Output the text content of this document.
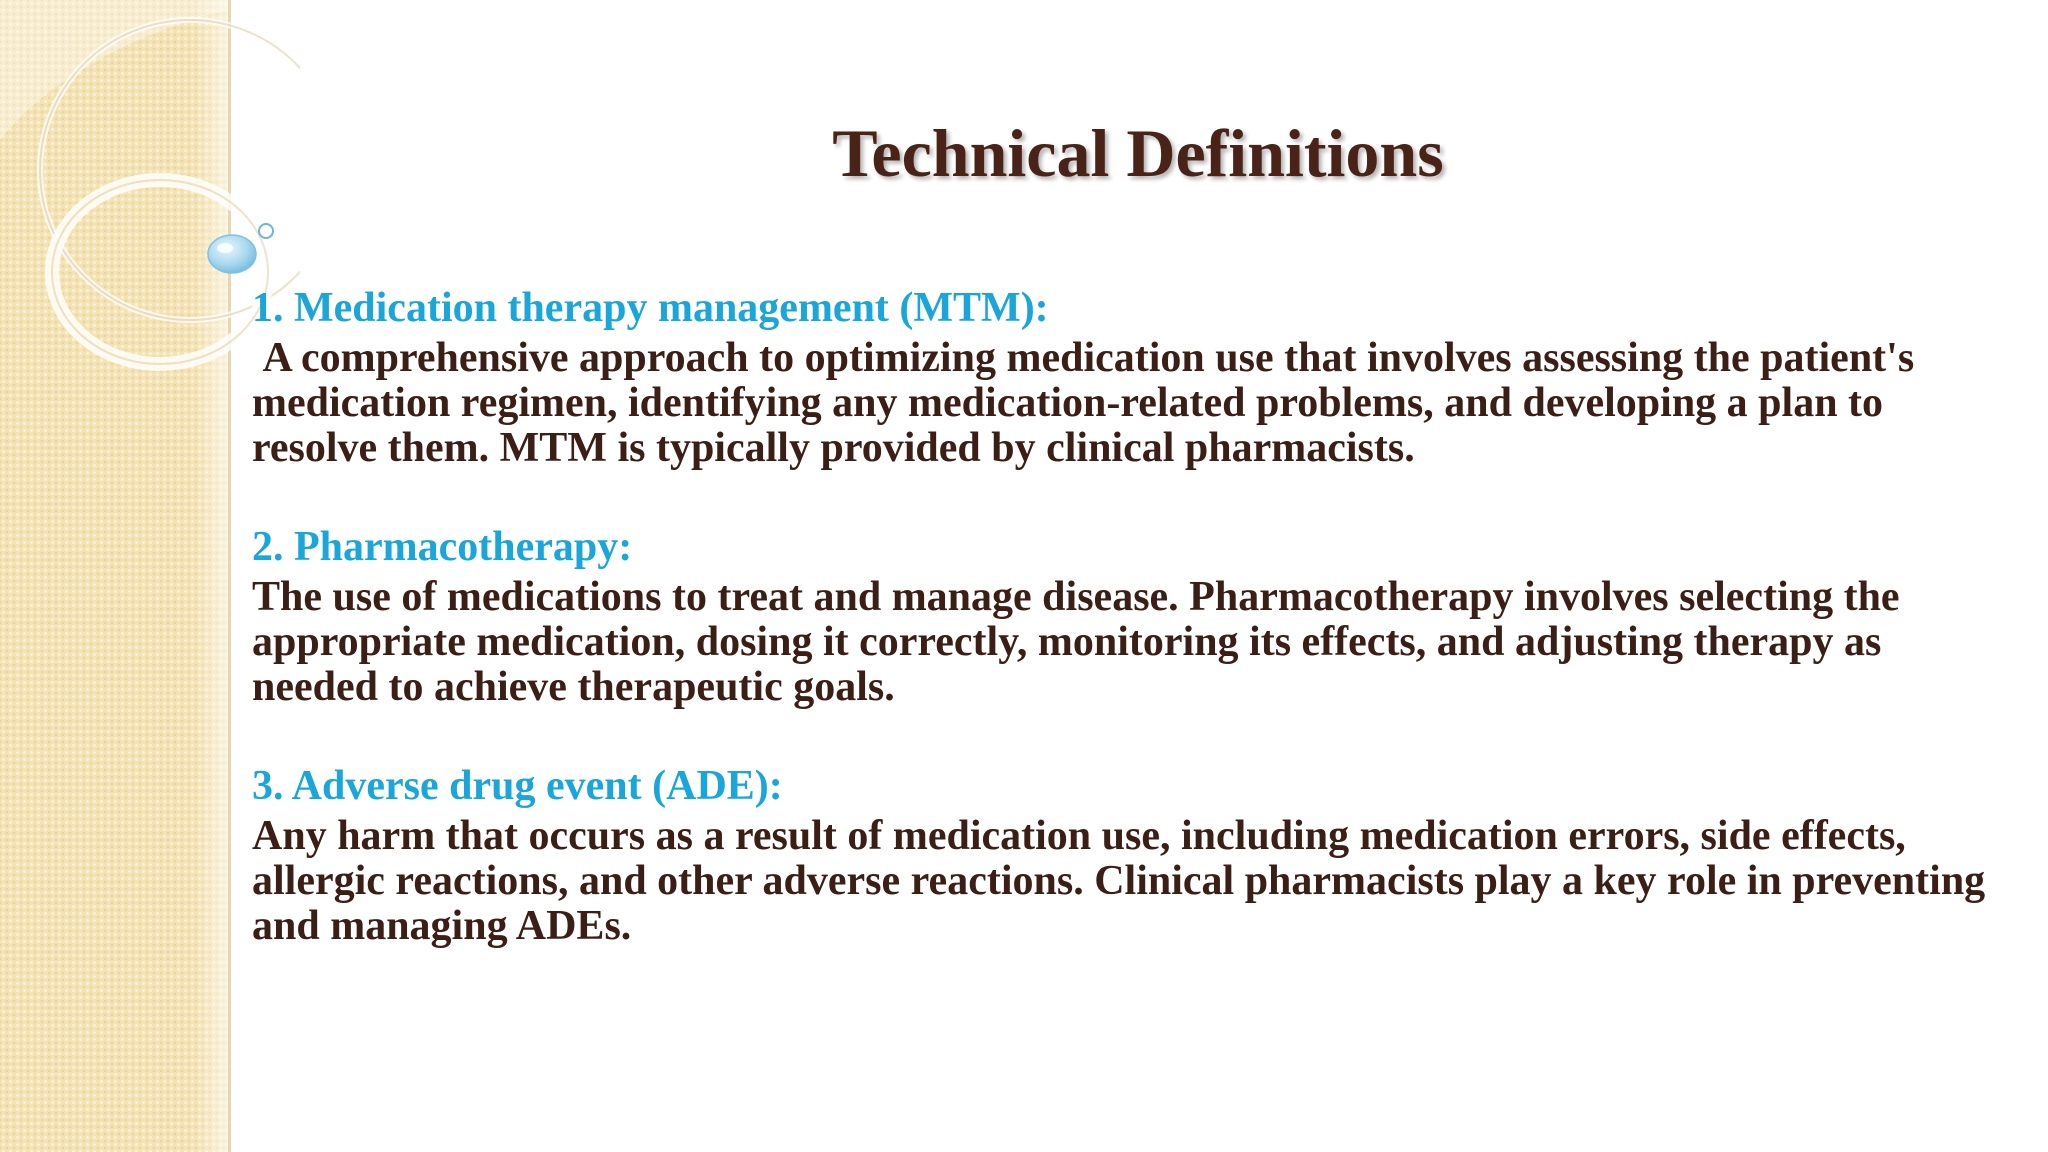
Technical Definitions

1. Medication therapy management (MTM):

A comprehensive approach to optimizing medication use that involves assessing the patient's medication regimen, identifying any medication-related problems, and developing a plan to resolve them. MTM is typically provided by clinical pharmacists.

2. Pharmacotherapy:

The use of medications to treat and manage disease. Pharmacotherapy involves selecting the appropriate medication, dosing it correctly, monitoring its effects, and adjusting therapy as needed to achieve therapeutic goals.

3. Adverse drug event (ADE):

Any harm that occurs as a result of medication use, including medication errors, side effects, allergic reactions, and other adverse reactions. Clinical pharmacists play a key role in preventing and managing ADEs.
